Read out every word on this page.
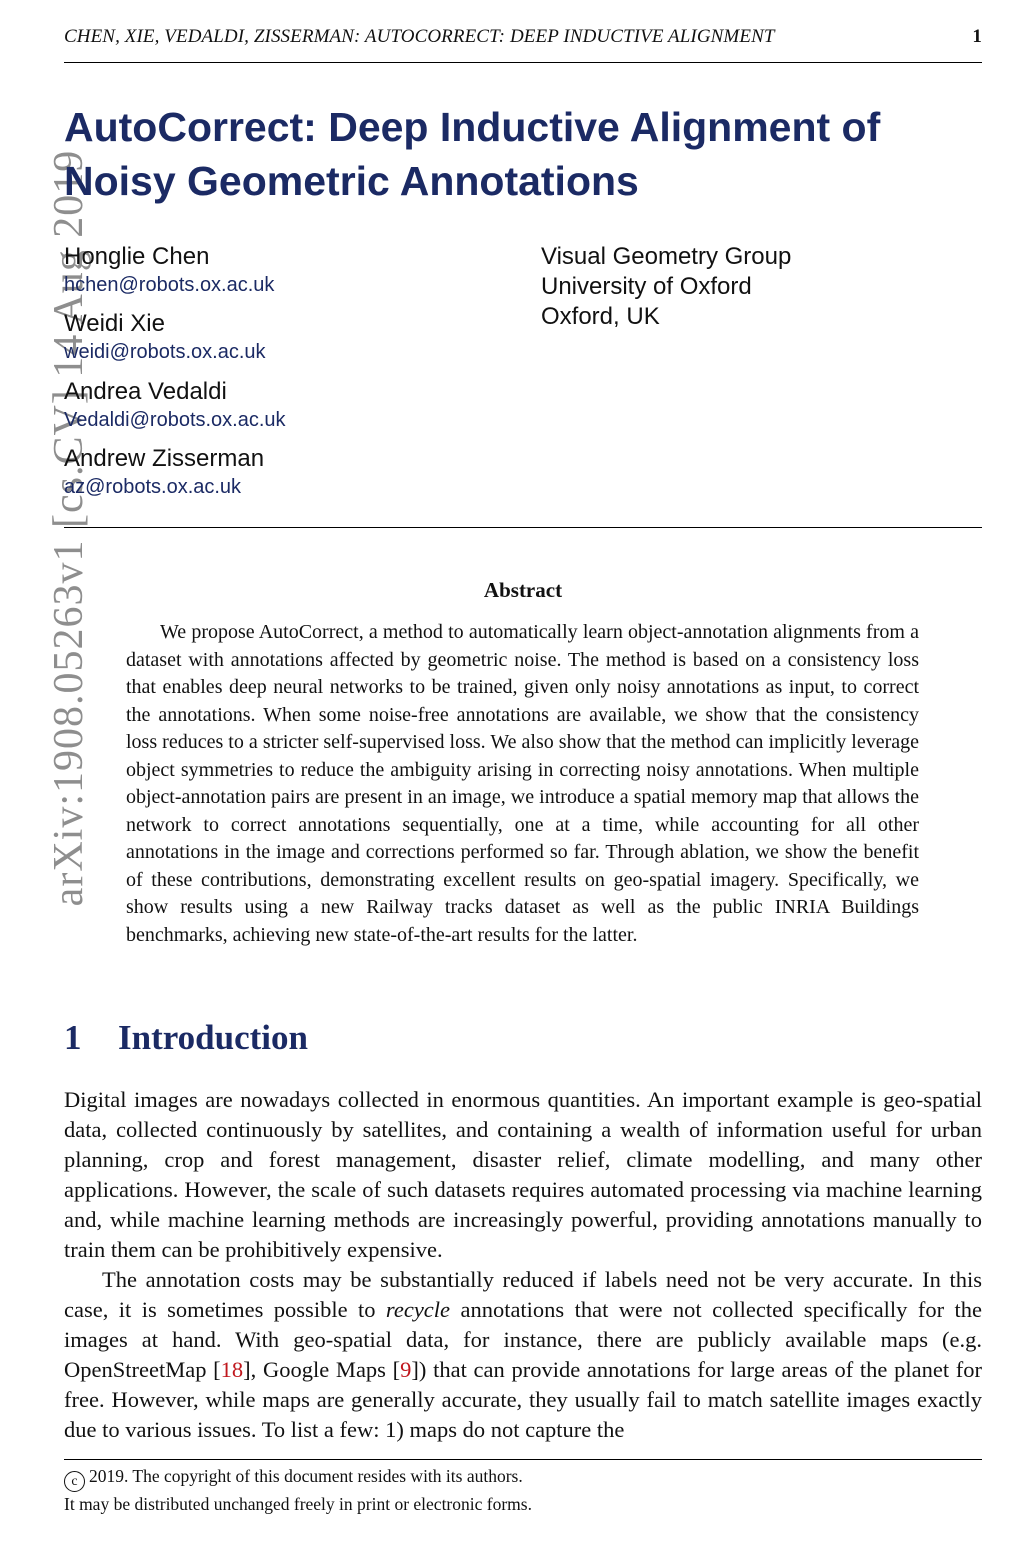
CHEN, XIE, VEDALDI, ZISSERMAN: AUTOCORRECT: DEEP INDUCTIVE ALIGNMENT	1
arXiv:1908.05263v1 [cs.CV] 14 Aug 2019
AutoCorrect: Deep Inductive Alignment of
Noisy Geometric Annotations
Honglie Chen
hchen@robots.ox.ac.uk
Weidi Xie
weidi@robots.ox.ac.uk
Andrea Vedaldi
Vedaldi@robots.ox.ac.uk
Andrew Zisserman
az@robots.ox.ac.uk
Visual Geometry Group
University of Oxford
Oxford, UK
Abstract

We propose AutoCorrect, a method to automatically learn object-annotation alignments from a dataset with annotations affected by geometric noise. The method is based on a consistency loss that enables deep neural networks to be trained, given only noisy annotations as input, to correct the annotations. When some noise-free annotations are available, we show that the consistency loss reduces to a stricter self-supervised loss. We also show that the method can implicitly leverage object symmetries to reduce the ambiguity arising in correcting noisy annotations. When multiple object-annotation pairs are present in an image, we introduce a spatial memory map that allows the network to correct annotations sequentially, one at a time, while accounting for all other annotations in the image and corrections performed so far. Through ablation, we show the benefit of these contributions, demonstrating excellent results on geo-spatial imagery. Specifically, we show results using a new Railway tracks dataset as well as the public INRIA Buildings benchmarks, achieving new state-of-the-art results for the latter.

1 Introduction

Digital images are nowadays collected in enormous quantities. An important example is geo-spatial data, collected continuously by satellites, and containing a wealth of information useful for urban planning, crop and forest management, disaster relief, climate modelling, and many other applications. However, the scale of such datasets requires automated processing via machine learning and, while machine learning methods are increasingly powerful, providing annotations manually to train them can be prohibitively expensive.

The annotation costs may be substantially reduced if labels need not be very accurate. In this case, it is sometimes possible to recycle annotations that were not collected specifically for the images at hand. With geo-spatial data, for instance, there are publicly available maps (e.g. OpenStreetMap [18], Google Maps [9]) that can provide annotations for large areas of the planet for free. However, while maps are generally accurate, they usually fail to match satellite images exactly due to various issues. To list a few: 1) maps do not capture the

c 2019. The copyright of this document resides with its authors.
It may be distributed unchanged freely in print or electronic forms.
